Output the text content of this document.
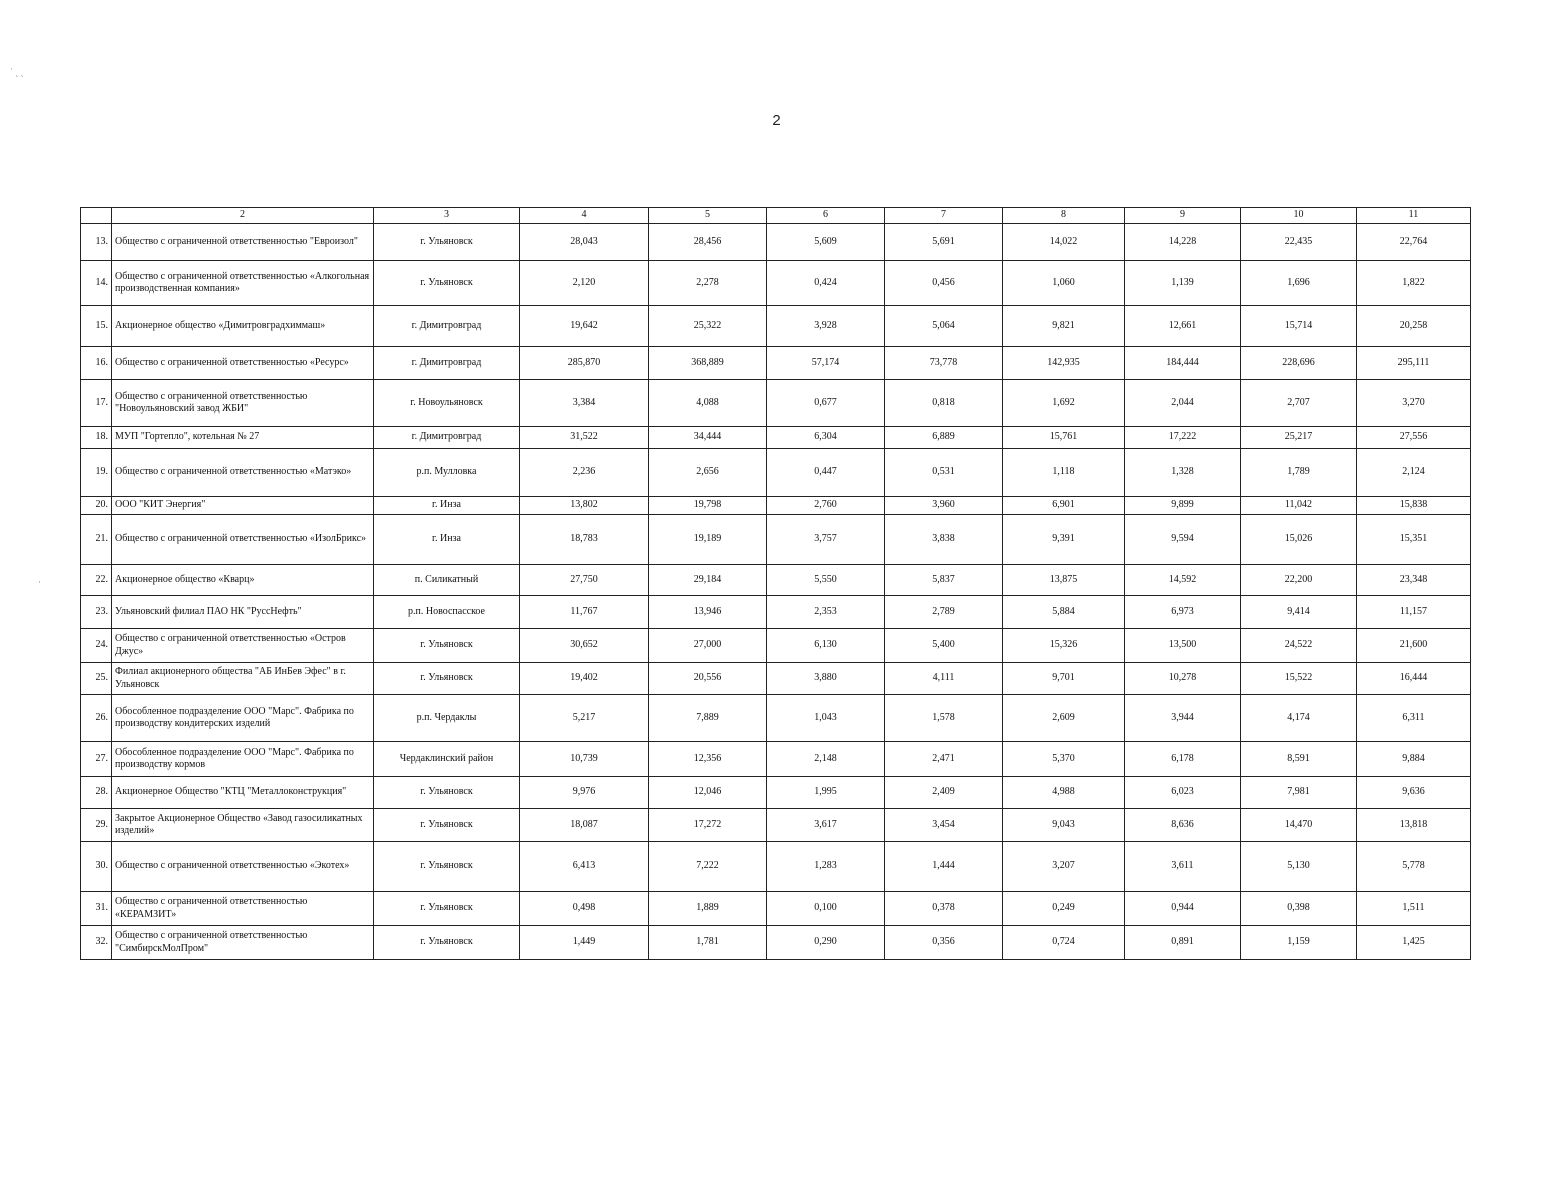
˙ ˏ ˎ
·
2
	2	3	4	5	6	7	8	9	10	11
13.	Общество с ограниченной ответственностью "Евроизол"	г. Ульяновск	28,043	28,456	5,609	5,691	14,022	14,228	22,435	22,764
14.	Общество с ограниченной ответственностью «Алкогольная производственная компания»	г. Ульяновск	2,120	2,278	0,424	0,456	1,060	1,139	1,696	1,822
15.	Акционерное общество «Димитровградхиммаш»	г. Димитровград	19,642	25,322	3,928	5,064	9,821	12,661	15,714	20,258
16.	Общество с ограниченной ответственностью «Ресурс»	г. Димитровград	285,870	368,889	57,174	73,778	142,935	184,444	228,696	295,111
17.	Общество с ограниченной ответственностью "Новоульяновский завод ЖБИ"	г. Новоульяновск	3,384	4,088	0,677	0,818	1,692	2,044	2,707	3,270
18.	МУП "Гортепло", котельная № 27	г. Димитровград	31,522	34,444	6,304	6,889	15,761	17,222	25,217	27,556
19.	Общество с ограниченной ответственностью «Матэко»	р.п. Мулловка	2,236	2,656	0,447	0,531	1,118	1,328	1,789	2,124
20.	ООО "КИТ Энергия"	г. Инза	13,802	19,798	2,760	3,960	6,901	9,899	11,042	15,838
21.	Общество с ограниченной ответственностью «ИзолБрикс»	г. Инза	18,783	19,189	3,757	3,838	9,391	9,594	15,026	15,351
22.	Акционерное общество «Кварц»	п. Силикатный	27,750	29,184	5,550	5,837	13,875	14,592	22,200	23,348
23.	Ульяновский филиал ПАО НК "РуссНефть"	р.п. Новоспасское	11,767	13,946	2,353	2,789	5,884	6,973	9,414	11,157
24.	Общество с ограниченной ответственностью «Остров Джус»	г. Ульяновск	30,652	27,000	6,130	5,400	15,326	13,500	24,522	21,600
25.	Филиал акционерного общества "АБ ИнБев Эфес" в г. Ульяновск	г. Ульяновск	19,402	20,556	3,880	4,111	9,701	10,278	15,522	16,444
26.	Обособленное подразделение ООО "Марс". Фабрика по производству кондитерских изделий	р.п. Чердаклы	5,217	7,889	1,043	1,578	2,609	3,944	4,174	6,311
27.	Обособленное подразделение ООО "Марс". Фабрика по производству кормов	Чердаклинский район	10,739	12,356	2,148	2,471	5,370	6,178	8,591	9,884
28.	Акционерное Общество "КТЦ "Металлоконструкция"	г. Ульяновск	9,976	12,046	1,995	2,409	4,988	6,023	7,981	9,636
29.	Закрытое Акционерное Общество «Завод газосиликатных изделий»	г. Ульяновск	18,087	17,272	3,617	3,454	9,043	8,636	14,470	13,818
30.	Общество с ограниченной ответственностью «Экотех»	г. Ульяновск	6,413	7,222	1,283	1,444	3,207	3,611	5,130	5,778
31.	Общество с ограниченной ответственностью «КЕРАМЗИТ»	г. Ульяновск	0,498	1,889	0,100	0,378	0,249	0,944	0,398	1,511
32.	Общество с ограниченной ответственностью "СимбирскМолПром"	г. Ульяновск	1,449	1,781	0,290	0,356	0,724	0,891	1,159	1,425
